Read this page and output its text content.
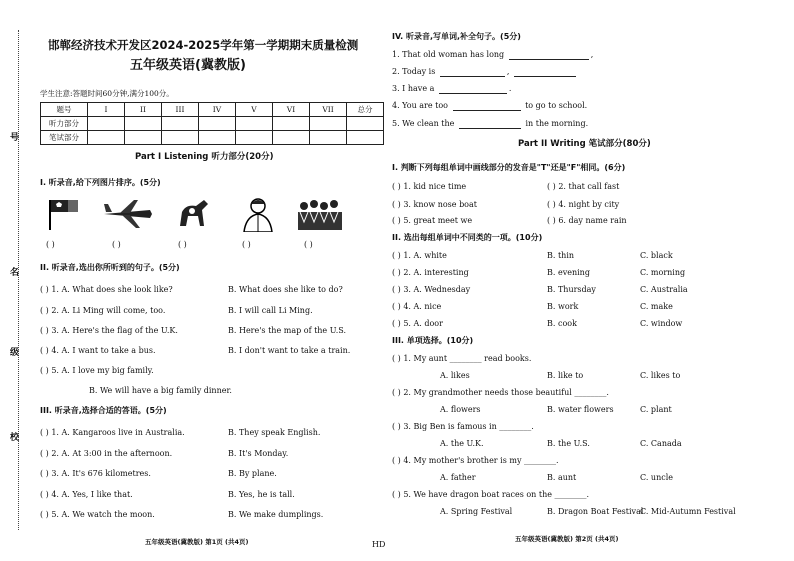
号
名
级
校
邯郸经济技术开发区2024-2025学年第一学期期末质量检测
五年级英语(冀教版)
学生注意:答题时间60分钟,满分100分。
题号	I	II	III	IV	V	VI	VII	总分
听力部分								
笔试部分								
Part I Listening 听力部分(20分)
I. 听录音,给下列图片排序。(5分)
( )	( )	( )	( )	( )
II. 听录音,选出你所听到的句子。(5分)
( ) 1. A. What does she look like?	B. What does she like to do?
( ) 2. A. Li Ming will come, too.	B. I will call Li Ming.
( ) 3. A. Here's the flag of the U.K.	B. Here's the map of the U.S.
( ) 4. A. I want to take a bus.	B. I don't want to take a train.
( ) 5. A. I love my big family.
B. We will have a big family dinner.
III. 听录音,选择合适的答语。(5分)
( ) 1. A. Kangaroos live in Australia.	B. They speak English.
( ) 2. A. At 3:00 in the afternoon.	B. It's Monday.
( ) 3. A. It's 676 kilometres.	B. By plane.
( ) 4. A. Yes, I like that.	B. Yes, he is tall.
( ) 5. A. We watch the moon.	B. We make dumplings.
五年级英语(冀教版) 第1页 (共4页)	HD
五年级英语(冀教版) 第2页 (共4页)
IV. 听录音,写单词,补全句子。(5分)
1. That old woman has long	,
2. Today is	,
3. I have a	.
4. You are too	to go to school.
5. We clean the	in the morning.
Part II Writing 笔试部分(80分)
I. 判断下列每组单词中画线部分的发音是"T"还是"F"相同。(6分)
( ) 1. kid nice time	( ) 2. that call fast
( ) 3. know nose boat	( ) 4. night by city
( ) 5. great meet we	( ) 6. day name rain
II. 选出每组单词中不同类的一项。(10分)
( ) 1. A. white	B. thin	C. black
( ) 2. A. interesting	B. evening	C. morning
( ) 3. A. Wednesday	B. Thursday	C. Australia
( ) 4. A. nice	B. work	C. make
( ) 5. A. door	B. cook	C. window
III. 单项选择。(10分)
( ) 1. My aunt ________ read books.
A. likes	B. like to	C. likes to
( ) 2. My grandmother needs those beautiful ________.
A. flowers	B. water flowers	C. plant
( ) 3. Big Ben is famous in ________.
A. the U.K.	B. the U.S.	C. Canada
( ) 4. My mother's brother is my ________.
A. father	B. aunt	C. uncle
( ) 5. We have dragon boat races on the ________.
A. Spring Festival	B. Dragon Boat Festival
C. Mid-Autumn Festival
